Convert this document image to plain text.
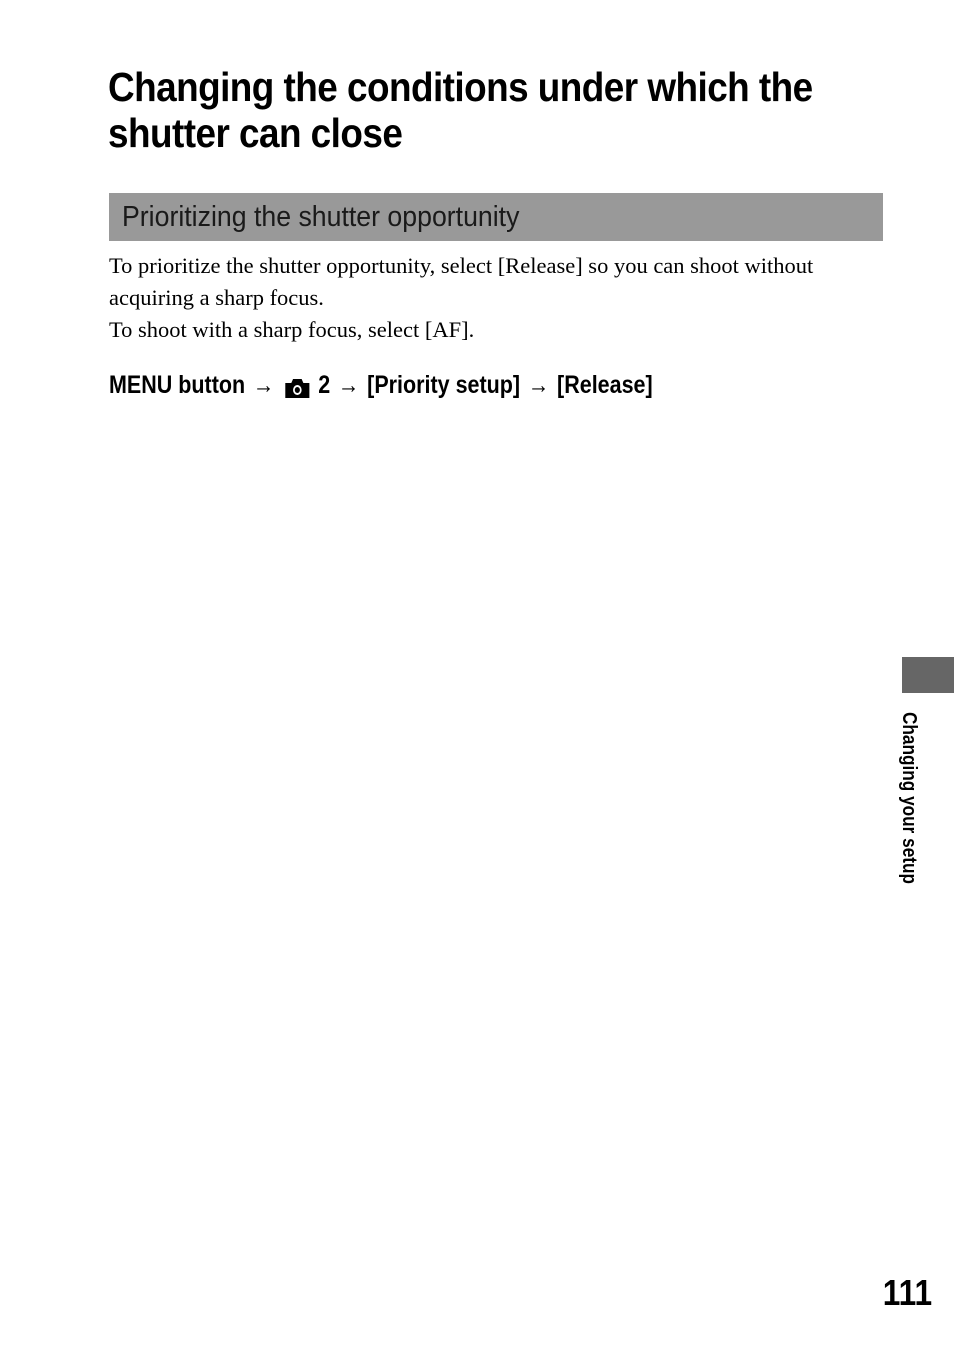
Changing the conditions under which the shutter can close
Prioritizing the shutter opportunity

To prioritize the shutter opportunity, select [Release] so you can shoot without acquiring a sharp focus.

To shoot with a sharp focus, select [AF].

MENU button → 2 → [Priority setup] → [Release]
Changing your setup
111
